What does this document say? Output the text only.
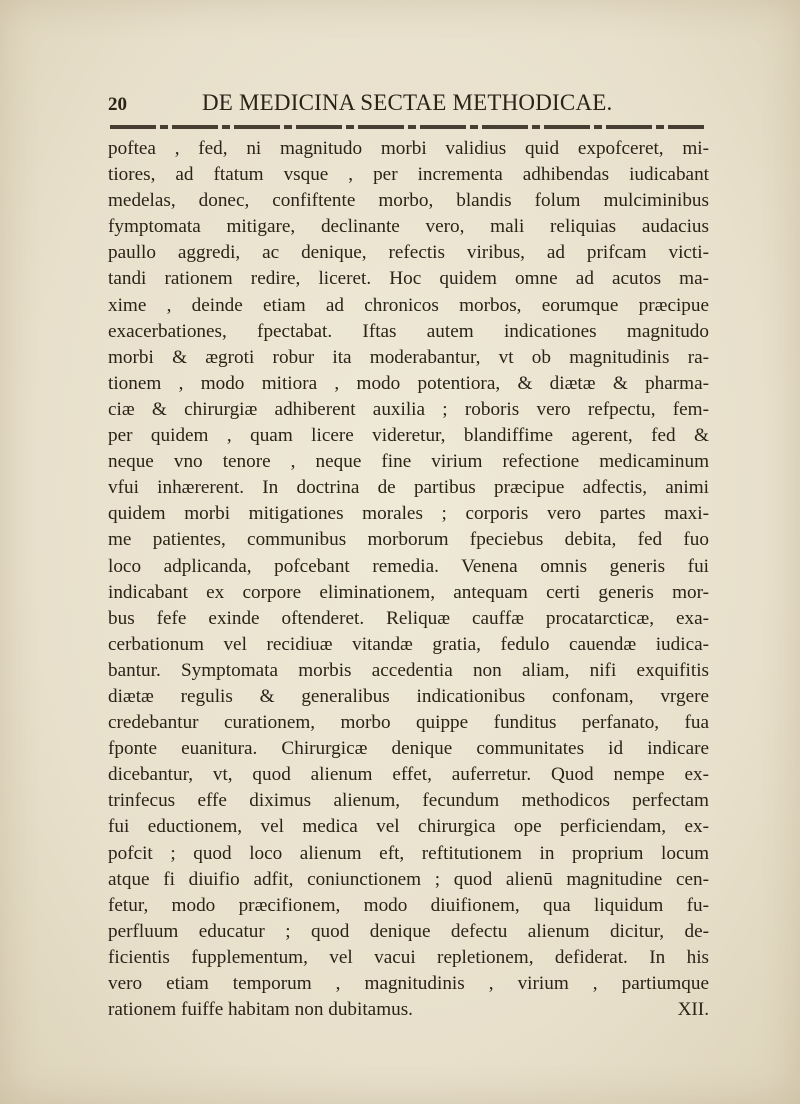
20	DE MEDICINA SECTAE METHODICAE.
poftea , fed, ni magnitudo morbi validius quid expofceret, mi-
tiores, ad ftatum vsque , per incrementa adhibendas iudicabant
medelas, donec, confiftente morbo, blandis folum mulciminibus
fymptomata mitigare, declinante vero, mali reliquias audacius
paullo aggredi, ac denique, refectis viribus, ad prifcam victi-
tandi rationem redire, liceret. Hoc quidem omne ad acutos ma-
xime , deinde etiam ad chronicos morbos, eorumque præcipue
exacerbationes, fpectabat. Iftas autem indicationes magnitudo
morbi & ægroti robur ita moderabantur, vt ob magnitudinis ra-
tionem , modo mitiora , modo potentiora, & diætæ & pharma-
ciæ & chirurgiæ adhiberent auxilia ; roboris vero refpectu, fem-
per quidem , quam licere videretur, blandiffime agerent, fed &
neque vno tenore , neque fine virium refectione medicaminum
vfui inhærerent. In doctrina de partibus præcipue adfectis, animi
quidem morbi mitigationes morales ; corporis vero partes maxi-
me patientes, communibus morborum fpeciebus debita, fed fuo
loco adplicanda, pofcebant remedia. Venena omnis generis fui
indicabant ex corpore eliminationem, antequam certi generis mor-
bus fefe exinde oftenderet. Reliquæ cauffæ procatarcticæ, exa-
cerbationum vel recidiuæ vitandæ gratia, fedulo cauendæ iudica-
bantur. Symptomata morbis accedentia non aliam, nifi exquifitis
diætæ regulis & generalibus indicationibus confonam, vrgere
credebantur curationem, morbo quippe funditus perfanato, fua
fponte euanitura. Chirurgicæ denique communitates id indicare
dicebantur, vt, quod alienum effet, auferretur. Quod nempe ex-
trinfecus effe diximus alienum, fecundum methodicos perfectam
fui eductionem, vel medica vel chirurgica ope perficiendam, ex-
pofcit ; quod loco alienum eft, reftitutionem in proprium locum
atque fi diuifio adfit, coniunctionem ; quod alienū magnitudine cen-
fetur, modo præcifionem, modo diuifionem, qua liquidum fu-
perfluum educatur ; quod denique defectu alienum dicitur, de-
ficientis fupplementum, vel vacui repletionem, defiderat. In his
vero etiam temporum , magnitudinis , virium , partiumque
rationem fuiffe habitam non dubitamus.	XII.
